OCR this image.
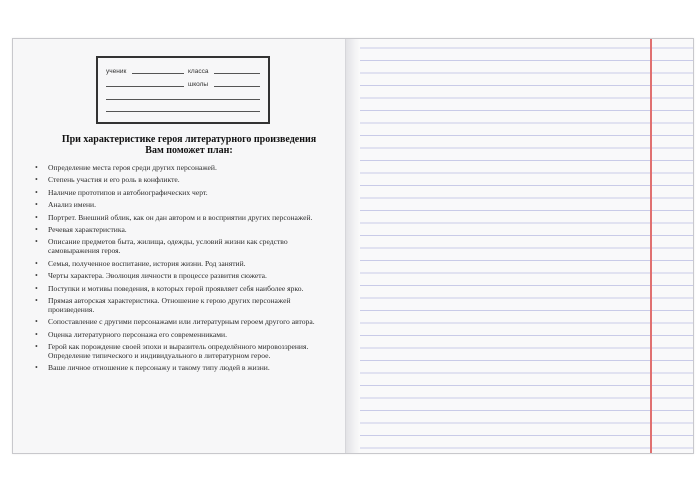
ученик	класса
школы
При характеристике героя литературного произведения
Вам поможет план:
• Определение места героя среди других персонажей.
• Степень участия и его роль в конфликте.
• Наличие прототипов и автобиографических черт.
• Анализ имени.
• Портрет. Внешний облик, как он дан автором и в восприятии других персонажей.
• Речевая характеристика.
• Описание предметов быта, жилища, одежды, условий жизни как средство самовыражения героя.
• Семья, полученное воспитание, история жизни. Род занятий.
• Черты характера. Эволюция личности в процессе развития сюжета.
• Поступки и мотивы поведения, в которых герой проявляет себя наиболее ярко.
• Прямая авторская характеристика. Отношение к герою других персонажей произведения.
• Сопоставление с другими персонажами или литературным героем другого автора.
• Оценка литературного персонажа его современниками.
• Герой как порождение своей эпохи и выразитель определённого мировоззрения. Определение типического и индивидуального в литературном герое.
• Ваше личное отношение к персонажу и такому типу людей в жизни.
